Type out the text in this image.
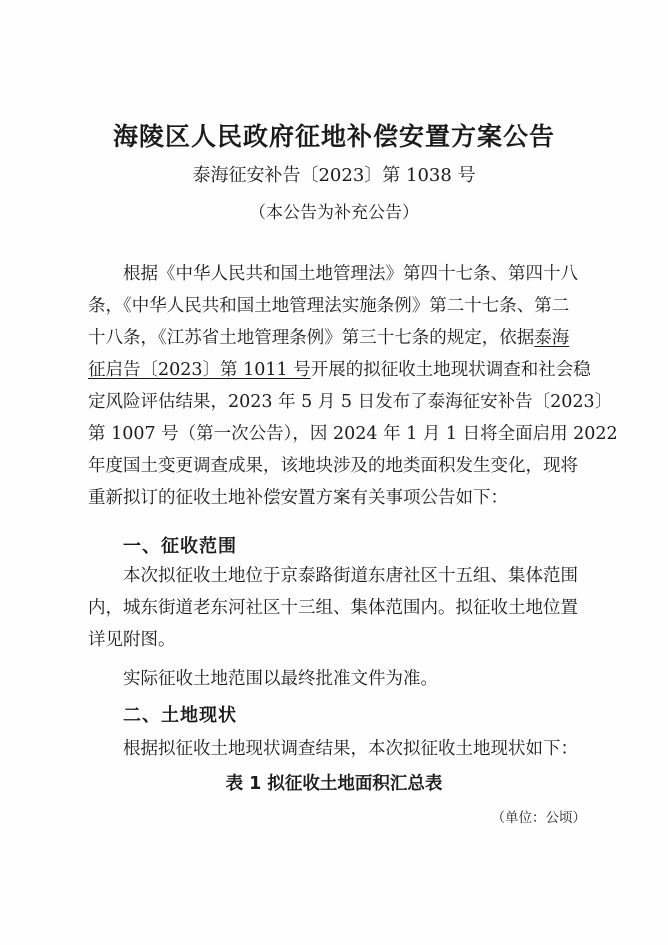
海陵区人民政府征地补偿安置方案公告
泰海征安补告〔2023〕第 1038 号
（本公告为补充公告）
根据《中华人民共和国土地管理法》第四十七条、第四十八
条，《中华人民共和国土地管理法实施条例》第二十七条、第二
十八条，《江苏省土地管理条例》第三十七条的规定，依据泰海
征启告〔2023〕第 1011 号开展的拟征收土地现状调查和社会稳
定风险评估结果，2023 年 5 月 5 日发布了泰海征安补告〔2023〕
第 1007 号（第一次公告），因 2024 年 1 月 1 日将全面启用 2022
年度国土变更调查成果，该地块涉及的地类面积发生变化，现将
重新拟订的征收土地补偿安置方案有关事项公告如下：
一、征收范围
本次拟征收土地位于京泰路街道东唐社区十五组、集体范围
内，城东街道老东河社区十三组、集体范围内。拟征收土地位置
详见附图。
实际征收土地范围以最终批准文件为准。
二、土地现状
根据拟征收土地现状调查结果，本次拟征收土地现状如下：
表 1 拟征收土地面积汇总表
（单位：公顷）
